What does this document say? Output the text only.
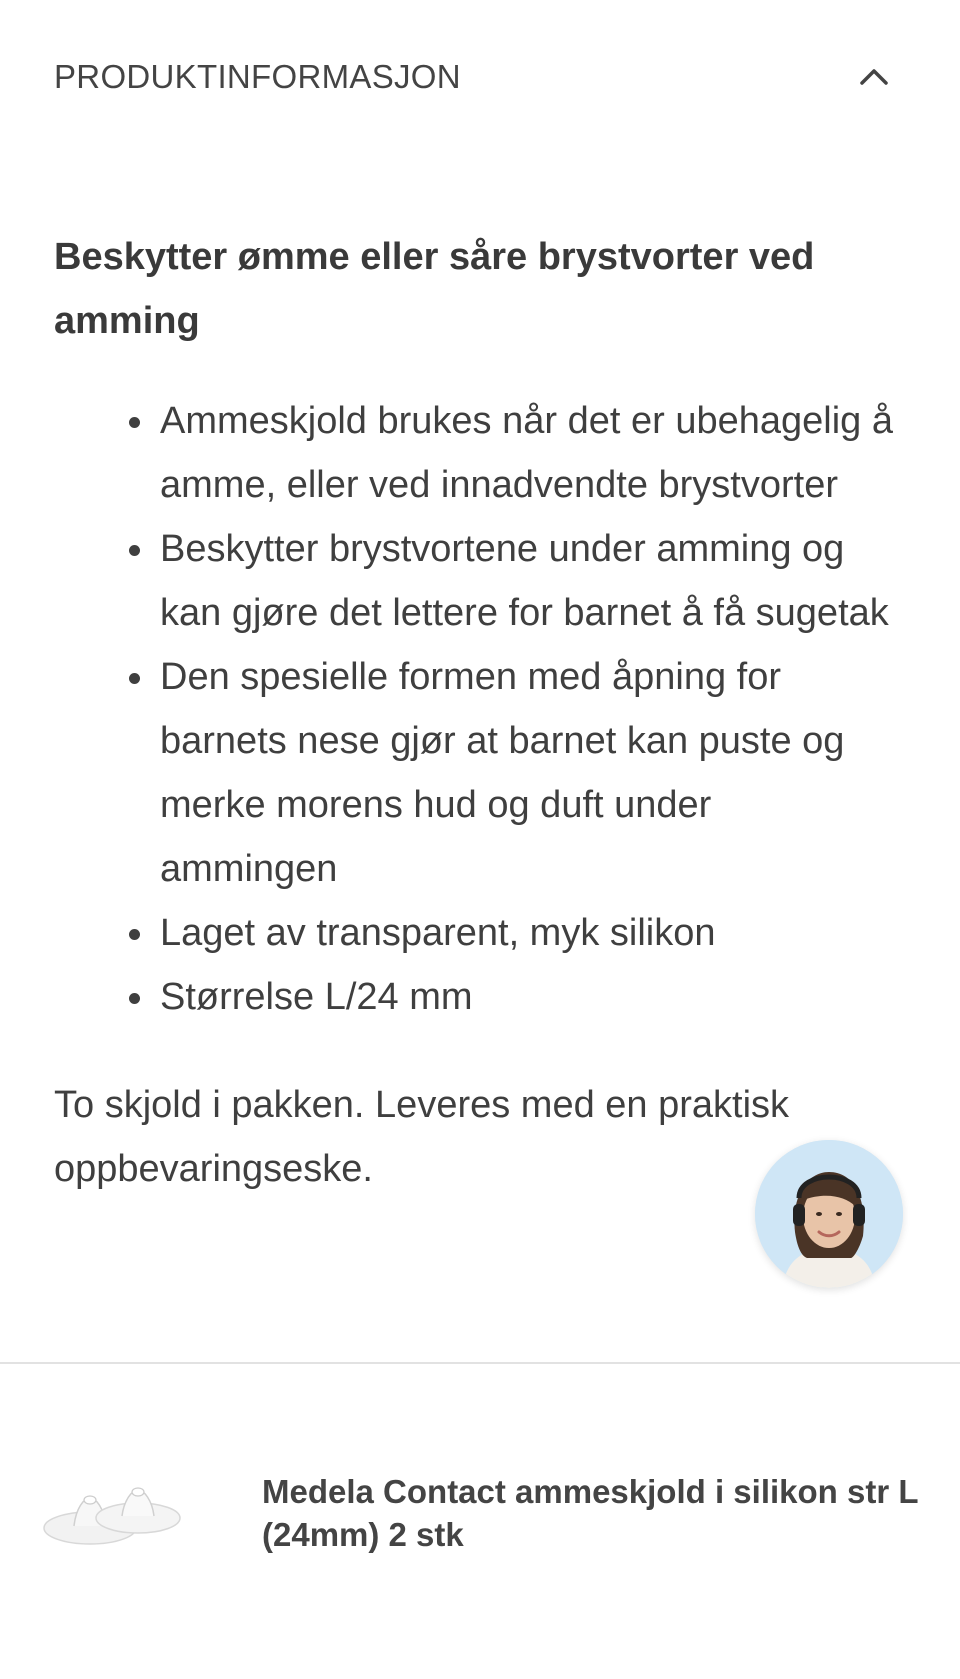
PRODUKTINFORMASJON
Beskytter ømme eller såre brystvorter ved amming
Ammeskjold brukes når det er ubehagelig å amme, eller ved innadvendte brystvorter
Beskytter brystvortene under amming og kan gjøre det lettere for barnet å få sugetak
Den spesielle formen med åpning for barnets nese gjør at barnet kan puste og merke morens hud og duft under ammingen
Laget av transparent, myk silikon
Størrelse L/24 mm

To skjold i pakken. Leveres med en praktisk oppbevaringseske.

Medela Contact ammeskjold i silikon str L (24mm) 2 stk
